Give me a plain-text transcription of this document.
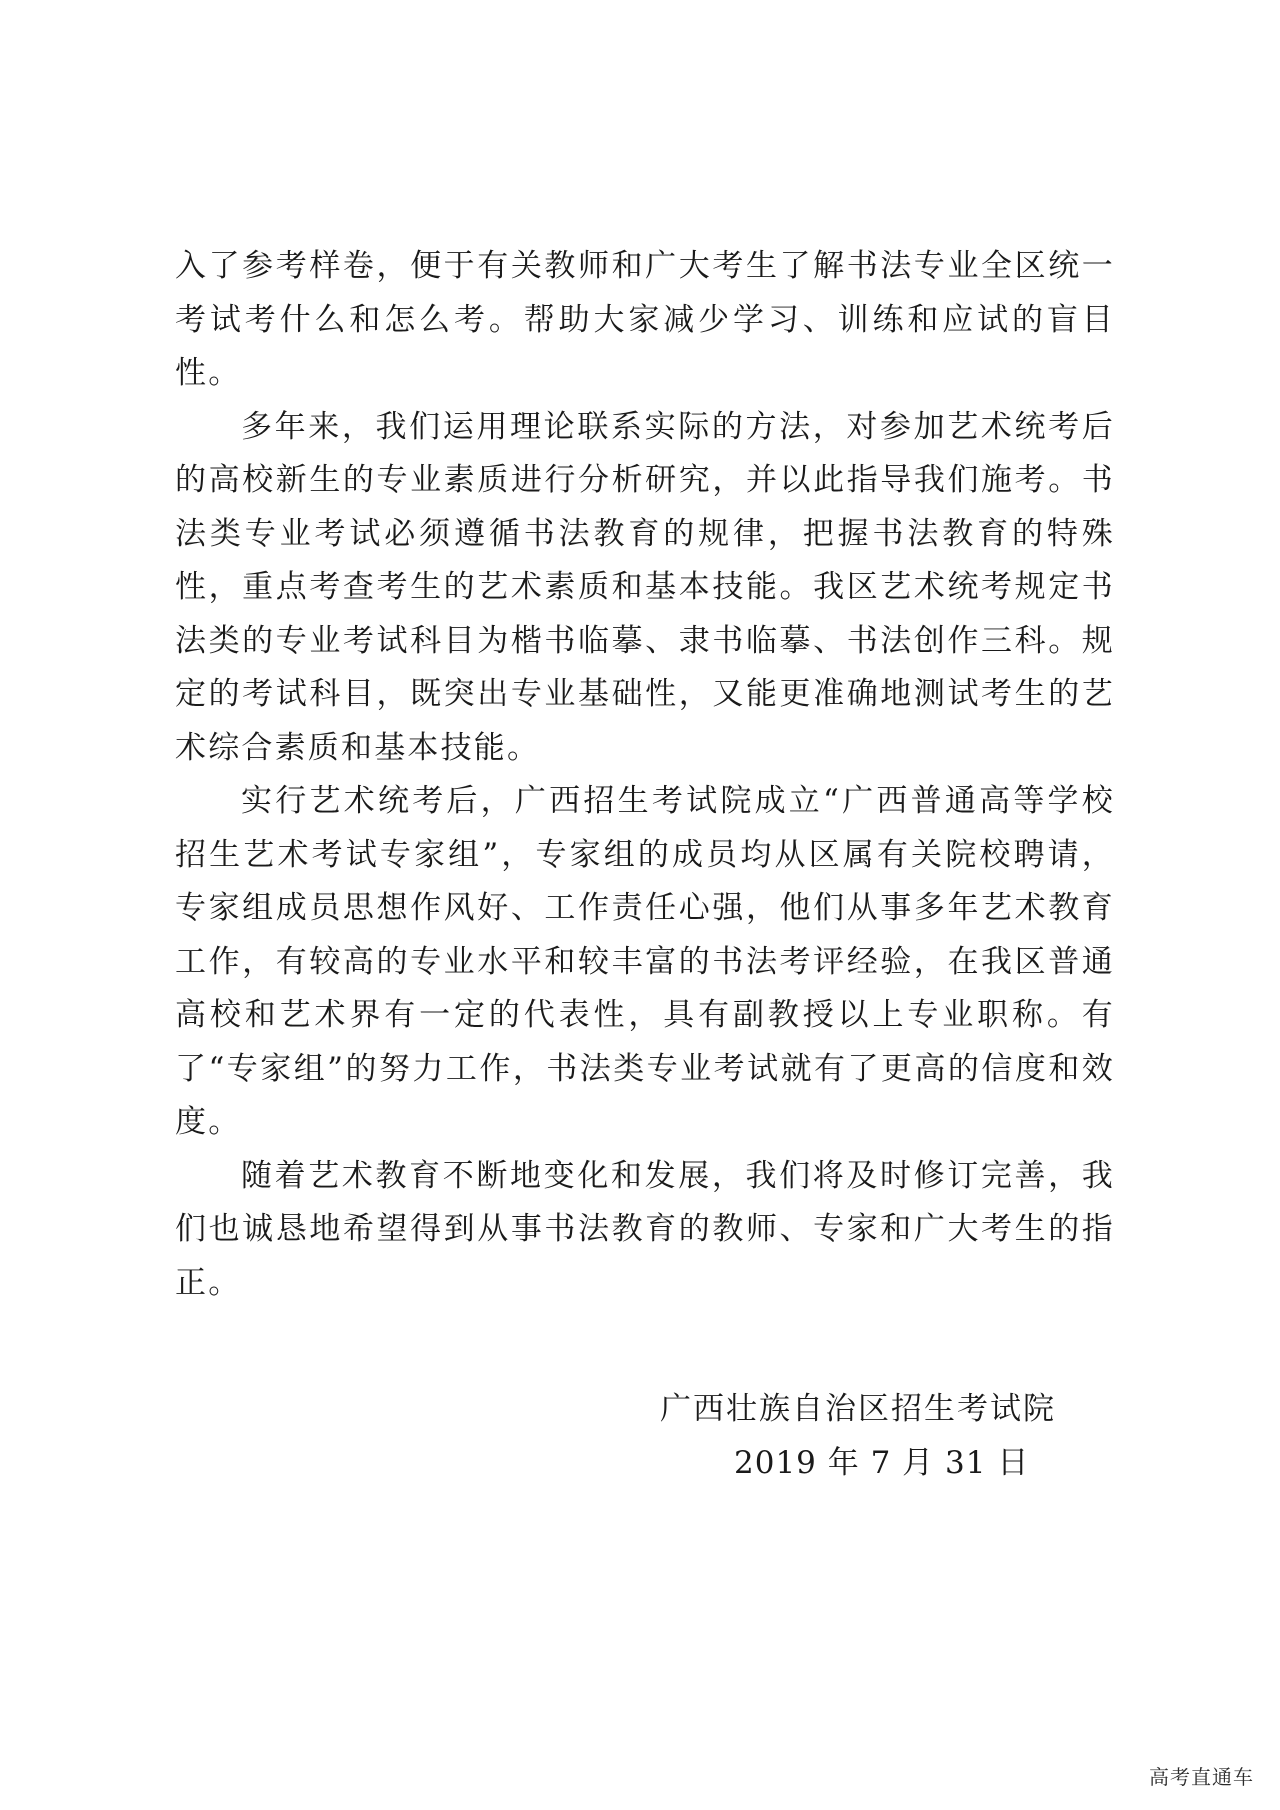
入了参考样卷，便于有关教师和广大考生了解书法专业全区统一考试考什么和怎么考。帮助大家减少学习、训练和应试的盲目性。

多年来，我们运用理论联系实际的方法，对参加艺术统考后的高校新生的专业素质进行分析研究，并以此指导我们施考。书法类专业考试必须遵循书法教育的规律，把握书法教育的特殊性，重点考查考生的艺术素质和基本技能。我区艺术统考规定书法类的专业考试科目为楷书临摹、隶书临摹、书法创作三科。规定的考试科目，既突出专业基础性，又能更准确地测试考生的艺术综合素质和基本技能。

实行艺术统考后，广西招生考试院成立“广西普通高等学校招生艺术考试专家组”，专家组的成员均从区属有关院校聘请，专家组成员思想作风好、工作责任心强，他们从事多年艺术教育工作，有较高的专业水平和较丰富的书法考评经验，在我区普通高校和艺术界有一定的代表性，具有副教授以上专业职称。有了“专家组”的努力工作，书法类专业考试就有了更高的信度和效度。

随着艺术教育不断地变化和发展，我们将及时修订完善，我们也诚恳地希望得到从事书法教育的教师、专家和广大考生的指正。

广西壮族自治区招生考试院
2019 年 7 月 31 日
高考直通车
